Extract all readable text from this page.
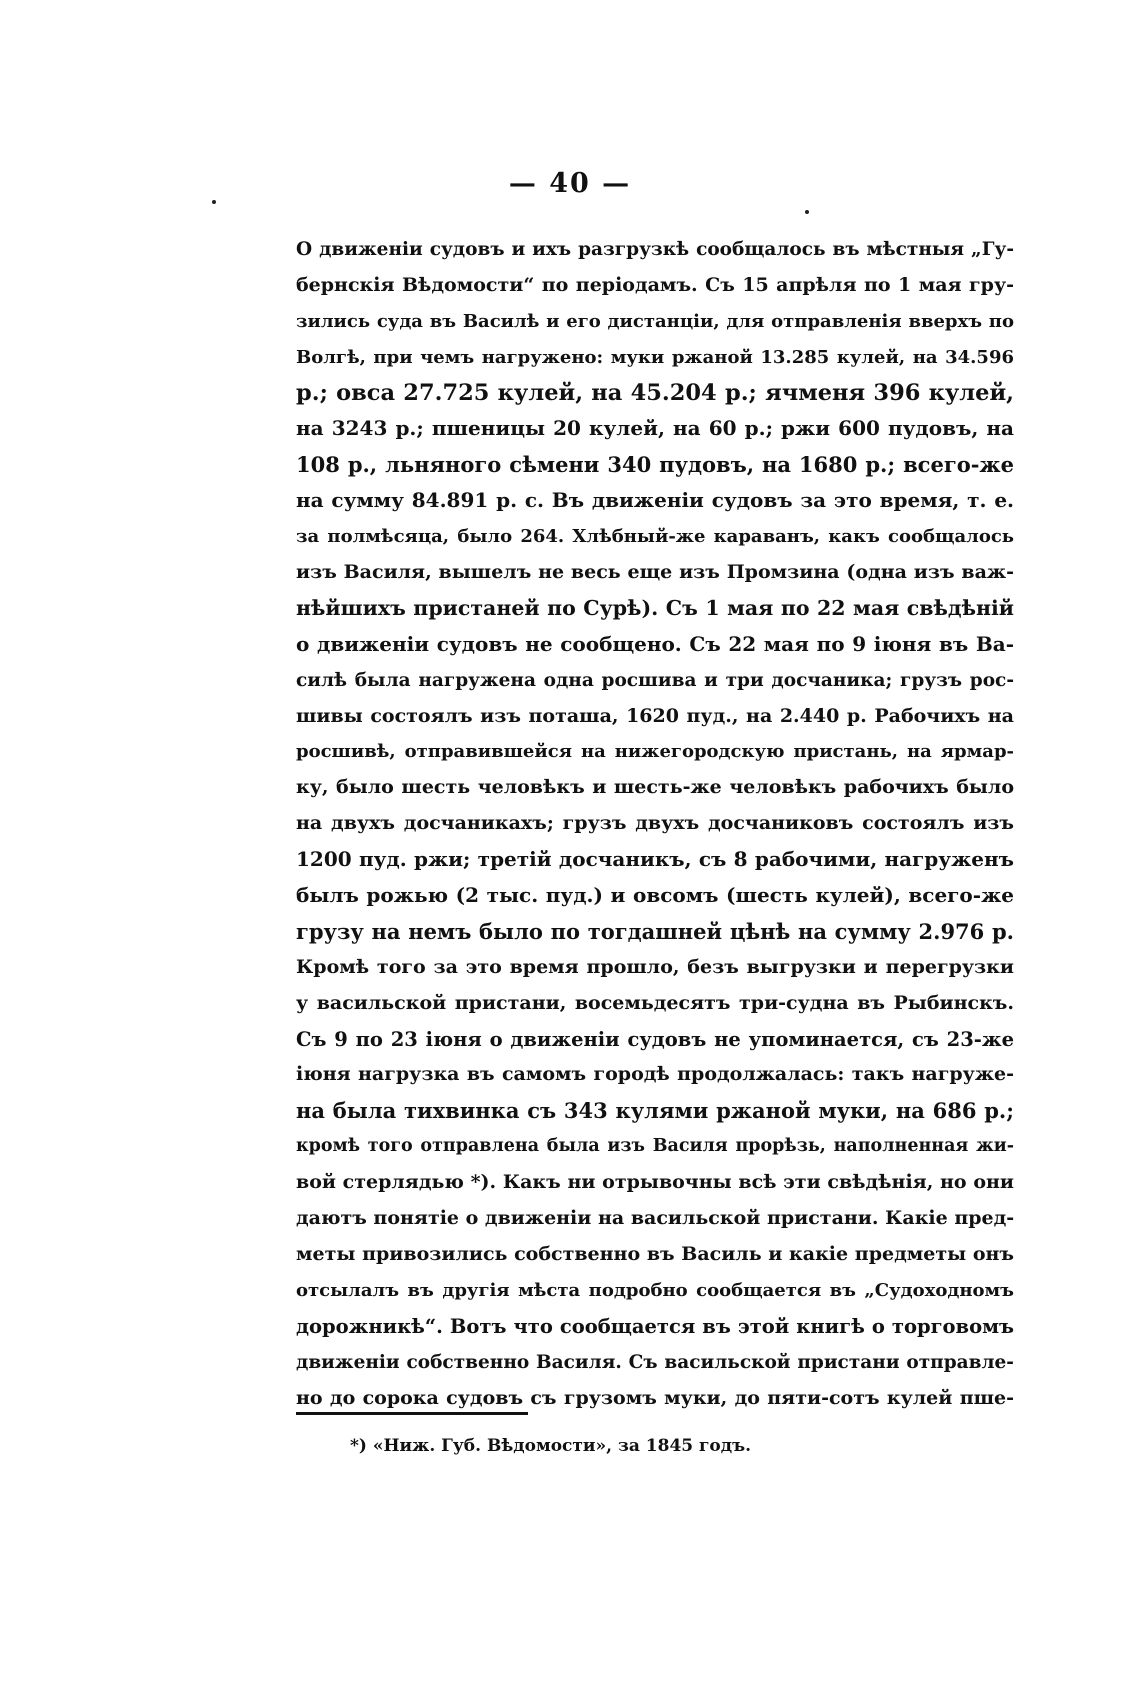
— 40 —
О движеніи судовъ и ихъ разгрузкѣ сообщалось въ мѣстныя „Гу-
бернскія Вѣдомости“ по періодамъ. Съ 15 апрѣля по 1 мая гру-
зились суда въ Василѣ и его дистанціи, для отправленія вверхъ по
Волгѣ, при чемъ нагружено: муки ржаной 13.285 кулей, на 34.596
р.; овса 27.725 кулей, на 45.204 р.; ячменя 396 кулей,
на 3243 р.; пшеницы 20 кулей, на 60 р.; ржи 600 пудовъ, на
108 р., льняного сѣмени 340 пудовъ, на 1680 р.; всего-же
на сумму 84.891 р. с. Въ движеніи судовъ за это время, т. е.
за полмѣсяца, было 264. Хлѣбный-же караванъ, какъ сообщалось
изъ Василя, вышелъ не весь еще изъ Промзина (одна изъ важ-
нѣйшихъ пристаней по Сурѣ). Съ 1 мая по 22 мая свѣдѣній
о движеніи судовъ не сообщено. Съ 22 мая по 9 іюня въ Ва-
силѣ была нагружена одна росшива и три досчаника; грузъ рос-
шивы состоялъ изъ поташа, 1620 пуд., на 2.440 р. Рабочихъ на
росшивѣ, отправившейся на нижегородскую пристань, на ярмар-
ку, было шесть человѣкъ и шесть-же человѣкъ рабочихъ было
на двухъ досчаникахъ; грузъ двухъ досчаниковъ состоялъ изъ
1200 пуд. ржи; третій досчаникъ, съ 8 рабочими, нагруженъ
былъ рожью (2 тыс. пуд.) и овсомъ (шесть кулей), всего-же
грузу на немъ было по тогдашней цѣнѣ на сумму 2.976 р.
Кромѣ того за это время прошло, безъ выгрузки и перегрузки
у васильской пристани, восемьдесятъ три-судна въ Рыбинскъ.
Съ 9 по 23 іюня о движеніи судовъ не упоминается, съ 23-же
іюня нагрузка въ самомъ городѣ продолжалась: такъ нагруже-
на была тихвинка съ 343 кулями ржаной муки, на 686 р.;
кромѣ того отправлена была изъ Василя прорѣзь, наполненная жи-
вой стерлядью *). Какъ ни отрывочны всѣ эти свѣдѣнія, но они
даютъ понятіе о движеніи на васильской пристани. Какіе пред-
меты привозились собственно въ Василь и какіе предметы онъ
отсылалъ въ другія мѣста подробно сообщается въ „Судоходномъ
дорожникѣ“. Вотъ что сообщается въ этой книгѣ о торговомъ
движеніи собственно Василя. Съ васильской пристани отправле-
но до сорока судовъ съ грузомъ муки, до пяти-сотъ кулей пше-
*) «Ниж. Губ. Вѣдомости», за 1845 годъ.
